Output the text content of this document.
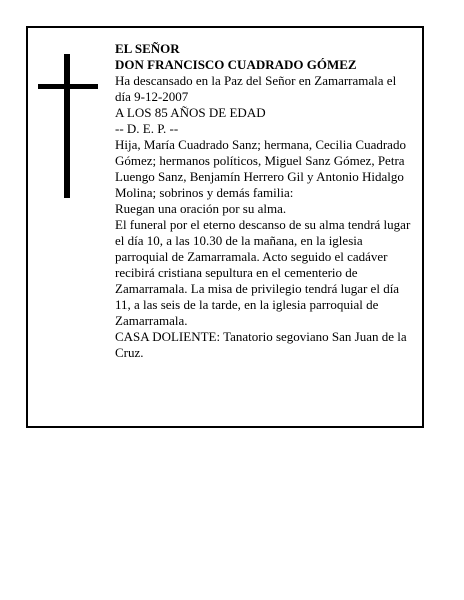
EL SEÑOR

DON FRANCISCO CUADRADO GÓMEZ

Ha descansado en la Paz del Señor en Zamarramala el día 9-12-2007

A LOS 85 AÑOS DE EDAD

-- D. E. P. --

Hija, María Cuadrado Sanz; hermana, Cecilia Cuadrado Gómez; hermanos políticos, Miguel Sanz Gómez, Petra Luengo Sanz, Benjamín Herrero Gil y Antonio Hidalgo Molina; sobrinos y demás familia:

Ruegan una oración por su alma.

El funeral por el eterno descanso de su alma tendrá lugar el día 10, a las 10.30 de la mañana, en la iglesia parroquial de Zamarramala. Acto seguido el cadáver recibirá cristiana sepultura en el cementerio de Zamarramala. La misa de privilegio tendrá lugar el día 11, a las seis de la tarde, en la iglesia parroquial de Zamarramala.

CASA DOLIENTE: Tanatorio segoviano San Juan de la Cruz.
